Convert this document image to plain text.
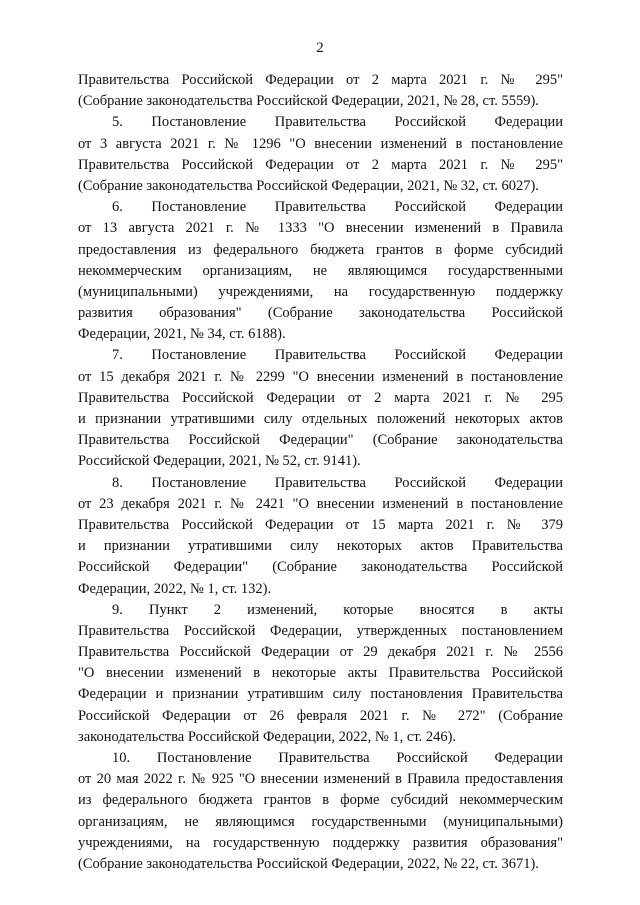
2
Правительства Российской Федерации от 2 марта 2021 г. № 295"
(Собрание законодательства Российской Федерации, 2021, № 28, ст. 5559).
5. Постановление Правительства Российской Федерации
от 3 августа 2021 г. № 1296 "О внесении изменений в постановление
Правительства Российской Федерации от 2 марта 2021 г. № 295"
(Собрание законодательства Российской Федерации, 2021, № 32, ст. 6027).
6. Постановление Правительства Российской Федерации
от 13 августа 2021 г. № 1333 "О внесении изменений в Правила
предоставления из федерального бюджета грантов в форме субсидий
некоммерческим организациям, не являющимся государственными
(муниципальными) учреждениями, на государственную поддержку
развития образования" (Собрание законодательства Российской
Федерации, 2021, № 34, ст. 6188).
7. Постановление Правительства Российской Федерации
от 15 декабря 2021 г. № 2299 "О внесении изменений в постановление
Правительства Российской Федерации от 2 марта 2021 г. № 295
и признании утратившими силу отдельных положений некоторых актов
Правительства Российской Федерации" (Собрание законодательства
Российской Федерации, 2021, № 52, ст. 9141).
8. Постановление Правительства Российской Федерации
от 23 декабря 2021 г. № 2421 "О внесении изменений в постановление
Правительства Российской Федерации от 15 марта 2021 г. № 379
и признании утратившими силу некоторых актов Правительства
Российской Федерации" (Собрание законодательства Российской
Федерации, 2022, № 1, ст. 132).
9. Пункт 2 изменений, которые вносятся в акты
Правительства Российской Федерации, утвержденных постановлением
Правительства Российской Федерации от 29 декабря 2021 г. № 2556
"О внесении изменений в некоторые акты Правительства Российской
Федерации и признании утратившим силу постановления Правительства
Российской Федерации от 26 февраля 2021 г. № 272" (Собрание
законодательства Российской Федерации, 2022, № 1, ст. 246).
10. Постановление Правительства Российской Федерации
от 20 мая 2022 г. № 925 "О внесении изменений в Правила предоставления
из федерального бюджета грантов в форме субсидий некоммерческим
организациям, не являющимся государственными (муниципальными)
учреждениями, на государственную поддержку развития образования"
(Собрание законодательства Российской Федерации, 2022, № 22, ст. 3671).
